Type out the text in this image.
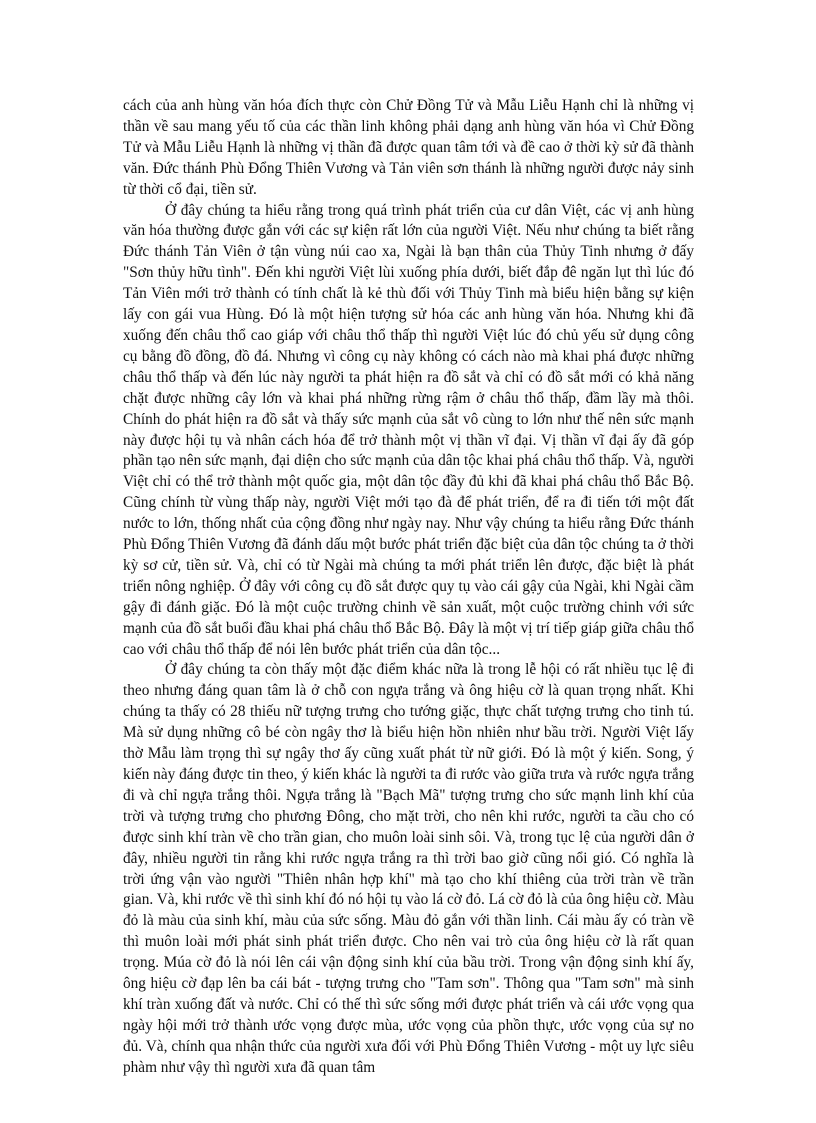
cách của anh hùng văn hóa đích thực còn Chử Đồng Tử và Mẫu Liễu Hạnh chỉ là những vị thần về sau mang yếu tố của các thần linh không phải dạng anh hùng văn hóa vì Chử Đồng Tử và Mẫu Liễu Hạnh là những vị thần đã được quan tâm tới và đề cao ở thời kỳ sử đã thành văn. Đức thánh Phù Đổng Thiên Vương và Tản viên sơn thánh là những người được nảy sinh từ thời cổ đại, tiền sử.

Ở đây chúng ta hiểu rằng trong quá trình phát triển của cư dân Việt, các vị anh hùng văn hóa thường được gắn với các sự kiện rất lớn của người Việt. Nếu như chúng ta biết rằng Đức thánh Tản Viên ở tận vùng núi cao xa, Ngài là bạn thân của Thủy Tinh nhưng ở đấy "Sơn thủy hữu tình". Đến khi người Việt lùi xuống phía dưới, biết đắp đê ngăn lụt thì lúc đó Tản Viên mới trở thành có tính chất là kẻ thù đối với Thủy Tinh mà biểu hiện bằng sự kiện lấy con gái vua Hùng. Đó là một hiện tượng sử hóa các anh hùng văn hóa. Nhưng khi đã xuống đến châu thổ cao giáp với châu thổ thấp thì người Việt lúc đó chủ yếu sử dụng công cụ bằng đồ đồng, đồ đá. Nhưng vì công cụ này không có cách nào mà khai phá được những châu thổ thấp và đến lúc này người ta phát hiện ra đồ sắt và chỉ có đồ sắt mới có khả năng chặt được những cây lớn và khai phá những rừng rậm ở châu thổ thấp, đầm lầy mà thôi. Chính do phát hiện ra đồ sắt và thấy sức mạnh của sắt vô cùng to lớn như thế nên sức mạnh này được hội tụ và nhân cách hóa để trở thành một vị thần vĩ đại. Vị thần vĩ đại ấy đã góp phần tạo nên sức mạnh, đại diện cho sức mạnh của dân tộc khai phá châu thổ thấp. Và, người Việt chỉ có thể trở thành một quốc gia, một dân tộc đầy đủ khi đã khai phá châu thổ Bắc Bộ. Cũng chính từ vùng thấp này, người Việt mới tạo đà để phát triển, để ra đi tiến tới một đất nước to lớn, thống nhất của cộng đồng như ngày nay. Như vậy chúng ta hiểu rằng Đức thánh Phù Đổng Thiên Vương đã đánh dấu một bước phát triển đặc biệt của dân tộc chúng ta ở thời kỳ sơ cử, tiền sử. Và, chỉ có từ Ngài mà chúng ta mới phát triển lên được, đặc biệt là phát triển nông nghiệp. Ở đây với công cụ đồ sắt được quy tụ vào cái gậy của Ngài, khi Ngài cầm gậy đi đánh giặc. Đó là một cuộc trường chinh về sản xuất, một cuộc trường chinh với sức mạnh của đồ sắt buổi đầu khai phá châu thổ Bắc Bộ. Đây là một vị trí tiếp giáp giữa châu thổ cao với châu thổ thấp để nói lên bước phát triển của dân tộc...

Ở đây chúng ta còn thấy một đặc điểm khác nữa là trong lễ hội có rất nhiều tục lệ đi theo nhưng đáng quan tâm là ở chỗ con ngựa trắng và ông hiệu cờ là quan trọng nhất. Khi chúng ta thấy có 28 thiếu nữ tượng trưng cho tướng giặc, thực chất tượng trưng cho tinh tú. Mà sử dụng những cô bé còn ngây thơ là biểu hiện hồn nhiên như bầu trời. Người Việt lấy thờ Mẫu làm trọng thì sự ngây thơ ấy cũng xuất phát từ nữ giới. Đó là một ý kiến. Song, ý kiến này đáng được tin theo, ý kiến khác là người ta đi rước vào giữa trưa và rước ngựa trắng đi và chỉ ngựa trắng thôi. Ngựa trắng là "Bạch Mã" tượng trưng cho sức mạnh linh khí của trời và tượng trưng cho phương Đông, cho mặt trời, cho nên khi rước, người ta cầu cho có được sinh khí tràn về cho trần gian, cho muôn loài sinh sôi. Và, trong tục lệ của người dân ở đây, nhiều người tin rằng khi rước ngựa trắng ra thì trời bao giờ cũng nổi gió. Có nghĩa là trời ứng vận vào người "Thiên nhân hợp khí" mà tạo cho khí thiêng của trời tràn về trần gian. Và, khi rước về thì sinh khí đó nó hội tụ vào lá cờ đỏ. Lá cờ đỏ là của ông hiệu cờ. Màu đỏ là màu của sinh khí, màu của sức sống. Màu đỏ gắn với thần linh. Cái màu ấy có tràn về thì muôn loài mới phát sinh phát triển được. Cho nên vai trò của ông hiệu cờ là rất quan trọng. Múa cờ đỏ là nói lên cái vận động sinh khí của bầu trời. Trong vận động sinh khí ấy, ông hiệu cờ đạp lên ba cái bát - tượng trưng cho "Tam sơn". Thông qua "Tam sơn" mà sinh khí tràn xuống đất và nước. Chỉ có thế thì sức sống mới được phát triển và cái ước vọng qua ngày hội mới trở thành ước vọng được mùa, ước vọng của phồn thực, ước vọng của sự no đủ. Và, chính qua nhận thức của người xưa đối với Phù Đổng Thiên Vương - một uy lực siêu phàm như vậy thì người xưa đã quan tâm
